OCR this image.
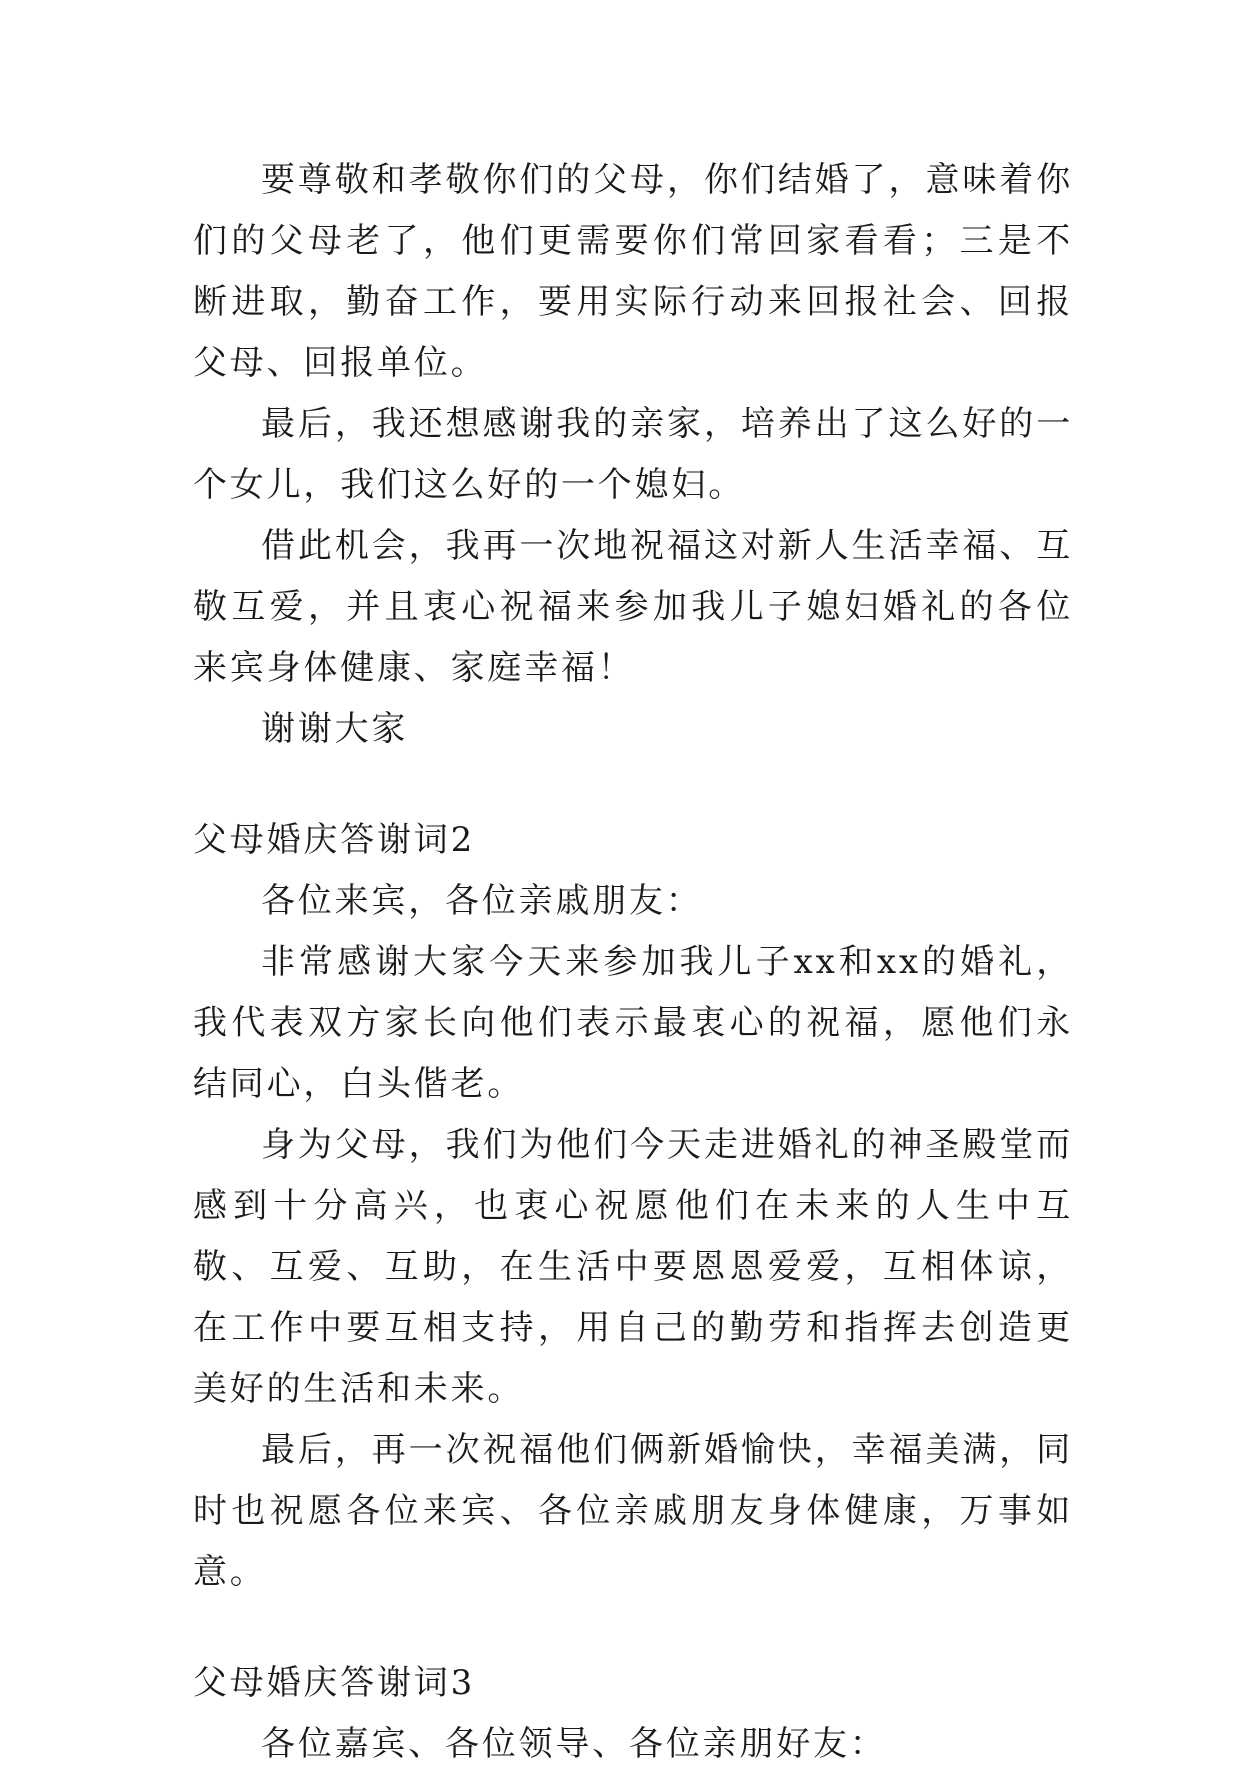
要尊敬和孝敬你们的父母，你们结婚了，意味着你们的父母老了，他们更需要你们常回家看看；三是不断进取，勤奋工作，要用实际行动来回报社会、回报父母、回报单位。

最后，我还想感谢我的亲家，培养出了这么好的一个女儿，我们这么好的一个媳妇。

借此机会，我再一次地祝福这对新人生活幸福、互敬互爱，并且衷心祝福来参加我儿子媳妇婚礼的各位来宾身体健康、家庭幸福！

谢谢大家

父母婚庆答谢词2

各位来宾，各位亲戚朋友：

非常感谢大家今天来参加我儿子xx和xx的婚礼，我代表双方家长向他们表示最衷心的祝福，愿他们永结同心，白头偕老。

身为父母，我们为他们今天走进婚礼的神圣殿堂而感到十分高兴，也衷心祝愿他们在未来的人生中互敬、互爱、互助，在生活中要恩恩爱爱，互相体谅，在工作中要互相支持，用自己的勤劳和指挥去创造更美好的生活和未来。

最后，再一次祝福他们俩新婚愉快，幸福美满，同时也祝愿各位来宾、各位亲戚朋友身体健康，万事如意。

父母婚庆答谢词3

各位嘉宾、各位领导、各位亲朋好友：
